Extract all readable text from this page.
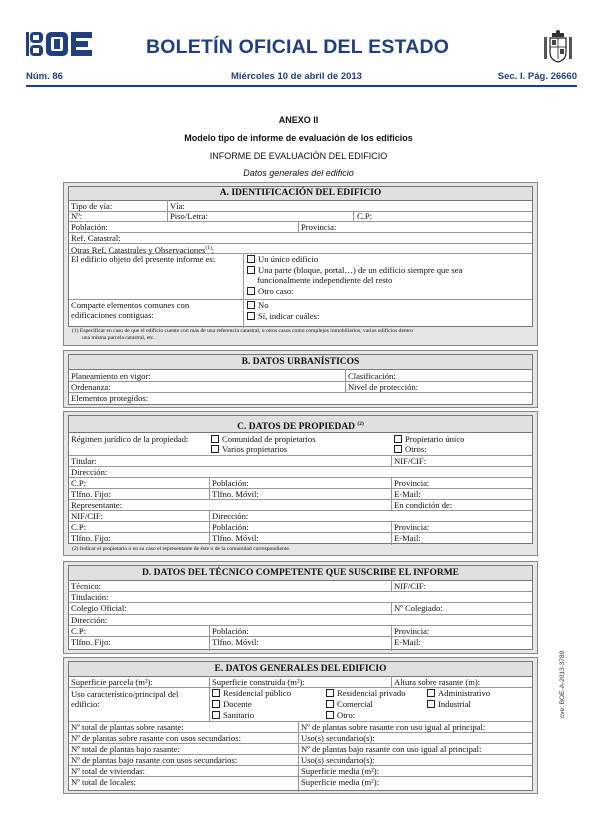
BOLETÍN OFICIAL DEL ESTADO
Núm. 86	Miércoles 10 de abril de 2013	Sec. I. Pág. 26660
ANEXO II
Modelo tipo de informe de evaluación de los edificios
INFORME DE EVALUACIÓN DEL EDIFICIO
Datos generales del edificio
A. IDENTIFICACIÓN DEL EDIFICIO
Tipo de vía:	Vía:
Nº:	Piso/Letra:	C.P:
Población:	Provincia:
Ref. Catastral:
Otras Ref. Catastrales y Observaciones$^{(1)}$:
El edificio objeto del presente informe es:	Un único edificio
Una parte (bloque, portal…) de un edificio siempre que sea
funcionalmente independiente del resto
Otro caso:
Comparte elementos comunes con
edificaciones contiguas:
No
Sí, indicar cuáles:
(1) Especificar en caso de que el edificio cuente con más de una referencia catastral, u otros casos como complejos inmobiliarios, varios edificios dentro
una misma parcela catastral, etc.
B. DATOS URBANÍSTICOS
Planeamiento en vigor:	Clasificación:
Ordenanza:	Nivel de protección:
Elementos protegidos:
C. DATOS DE PROPIEDAD $^{(2)}$
Régimen jurídico de la propiedad:	Comunidad de propietarios	Propietario único
Varios propietarios	Otros:
Titular:	NIF/CIF:
Dirección:
C.P:	Población:	Provincia:
Tlfno. Fijo:	Tlfno. Móvil:	E-Mail:
Representante:	En condición de:
NIF/CIF:	Dirección:
C.P:	Población:	Provincia:
Tlfno. Fijo:	Tlfno. Móvil:	E-Mail:
(2) Indicar el propietario o en su caso el representante de éste o de la comunidad correspondiente.
D. DATOS DEL TÉCNICO COMPETENTE QUE SUSCRIBE EL INFORME
Técnico:	NIF/CIF:
Titulación:
Colegio Oficial:	Nº Colegiado:
Dirección:
C.P:	Población:	Provincia:
Tlfno. Fijo:	Tlfno. Móvil:	E-Mail:
E. DATOS GENERALES DEL EDIFICIO
Superficie parcela (m²):	Superficie construida (m²):	Altura sobre rasante (m):
Uso característico/principal del
edificio:
Residencial público	Residencial privado	Administrativo
Docente	Comercial	Industrial
Sanitario	Otro:
Nº total de plantas sobre rasante:	Nº de plantas sobre rasante con uso igual al principal:
Nº de plantas sobre rasante con usos secundarios:	Uso(s) secundario(s):
Nº total de plantas bajo rasante:	Nº de plantas bajo rasante con uso igual al principal:
Nº de plantas bajo rasante con usos secundarios:	Uso(s) secundario(s):
Nº total de viviendas:	Superficie media (m²):
Nº total de locales:	Superficie media (m²):
cve: BOE-A-2013-3780
